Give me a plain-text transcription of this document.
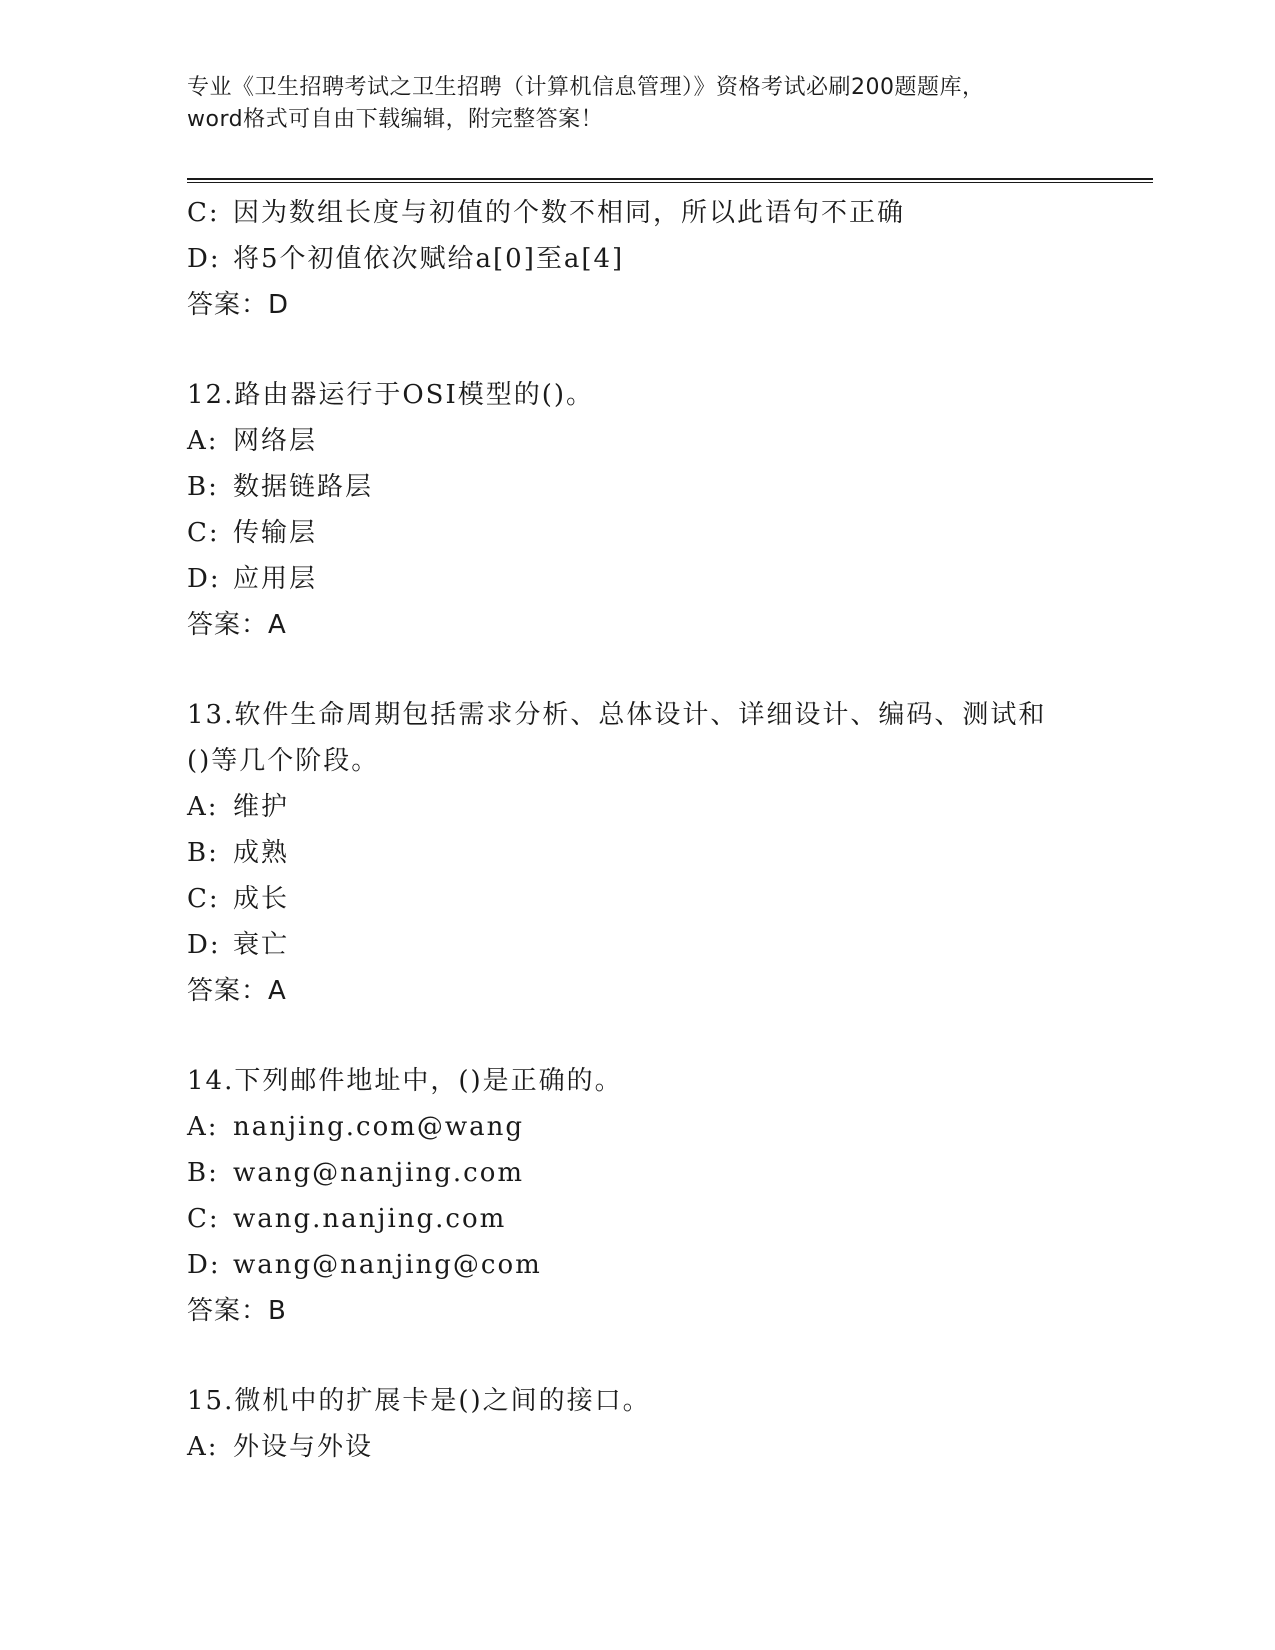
专业《卫生招聘考试之卫生招聘（计算机信息管理）》资格考试必刷200题题库，
word格式可自由下载编辑，附完整答案！
C: 因为数组长度与初值的个数不相同，所以此语句不正确
D: 将5个初值依次赋给a[0]至a[4]
答案：D
12.路由器运行于OSI模型的()。
A: 网络层
B: 数据链路层
C: 传输层
D: 应用层
答案：A
13.软件生命周期包括需求分析、总体设计、详细设计、编码、测试和
()等几个阶段。
A: 维护
B: 成熟
C: 成长
D: 衰亡
答案：A
14.下列邮件地址中，()是正确的。
A: nanjing.com@wang
B: wang@nanjing.com
C: wang.nanjing.com
D: wang@nanjing@com
答案：B
15.微机中的扩展卡是()之间的接口。
A: 外设与外设
